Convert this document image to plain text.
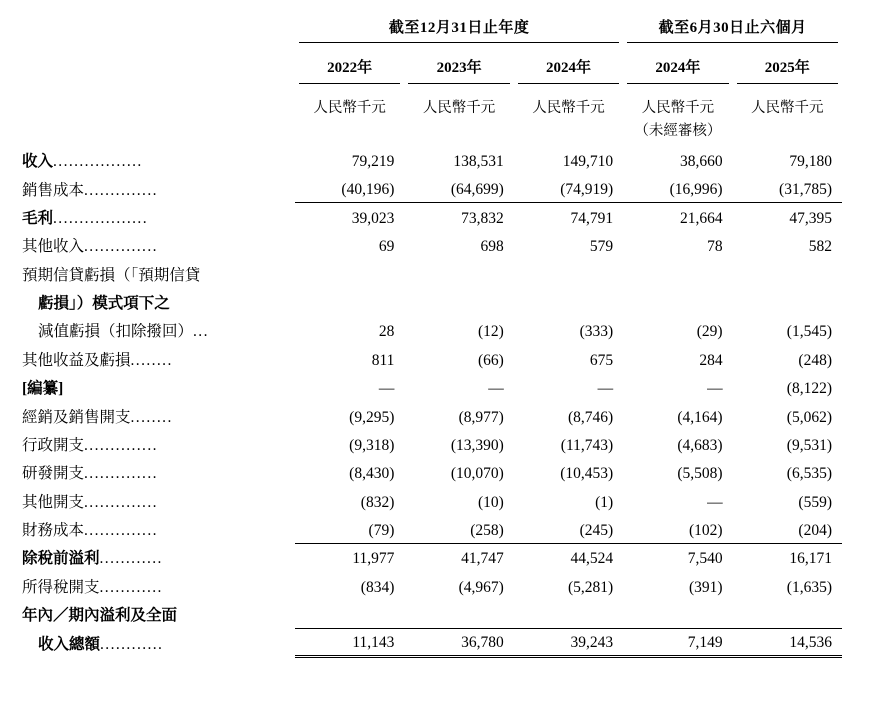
	截至12月31日止年度			截至6月30日止六個月	

	2022年	2023年	2024年	2024年	2025年

	人民幣千元	人民幣千元	人民幣千元	人民幣千元	人民幣千元
				（未經審核）	
收入.................	79,219	138,531	149,710	38,660	79,180
銷售成本..............	(40,196)	(64,699)	(74,919)	(16,996)	(31,785)
毛利..................	39,023	73,832	74,791	21,664	47,395
其他收入..............	69	698	579	78	582
預期信貸虧損（「預期信貸					
虧損」）模式項下之					
減值虧損（扣除撥回）...	28	(12)	(333)	(29)	(1,545)
其他收益及虧損........	811	(66)	675	284	(248)
[編纂]	—	—	—	—	(8,122)
經銷及銷售開支........	(9,295)	(8,977)	(8,746)	(4,164)	(5,062)
行政開支..............	(9,318)	(13,390)	(11,743)	(4,683)	(9,531)
研發開支..............	(8,430)	(10,070)	(10,453)	(5,508)	(6,535)
其他開支..............	(832)	(10)	(1)	—	(559)
財務成本..............	(79)	(258)	(245)	(102)	(204)
除稅前溢利............	11,977	41,747	44,524	7,540	16,171
所得稅開支............	(834)	(4,967)	(5,281)	(391)	(1,635)
年內／期內溢利及全面					
收入總額............	11,143	36,780	39,243	7,149	14,536
